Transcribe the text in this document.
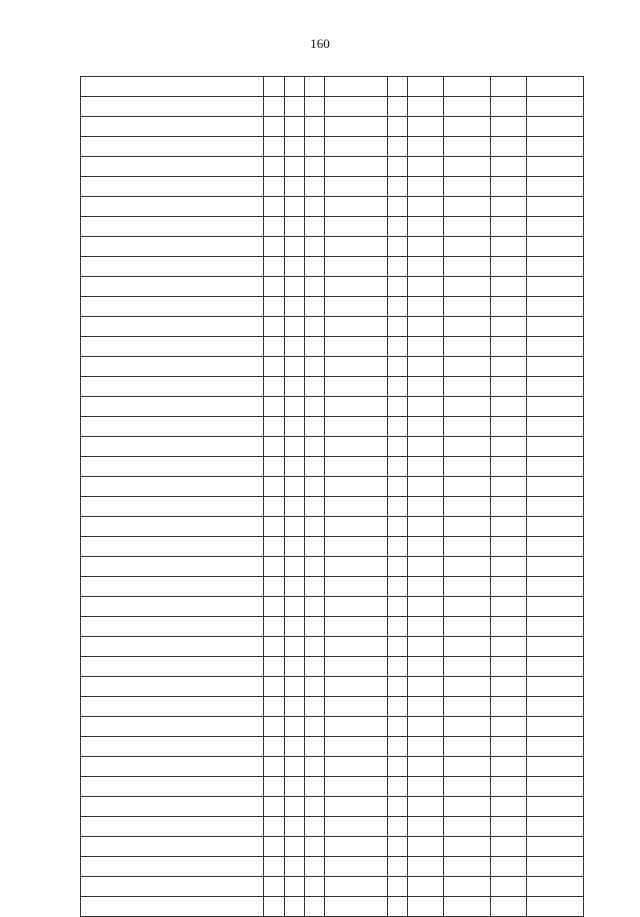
160
